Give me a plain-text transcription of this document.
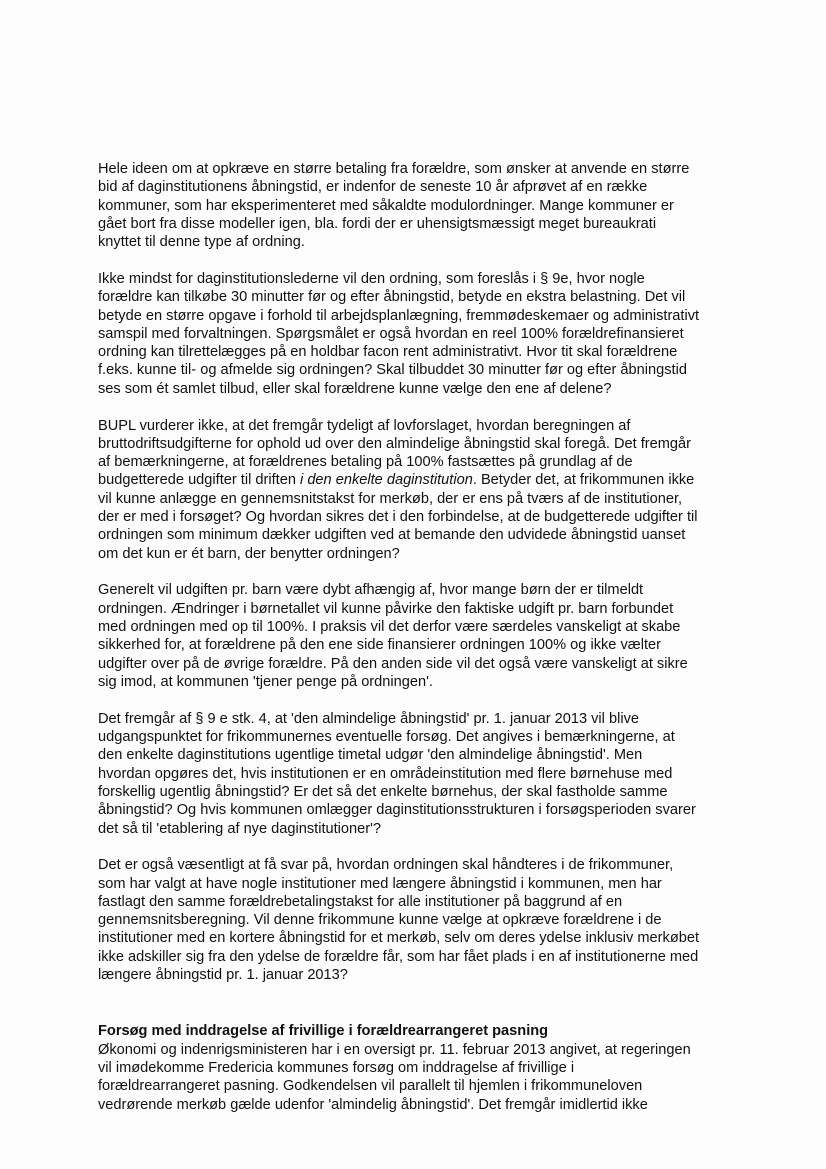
Hele ideen om at opkræve en større betaling fra forældre, som ønsker at anvende en større
bid af daginstitutionens åbningstid, er indenfor de seneste 10 år afprøvet af en række
kommuner, som har eksperimenteret med såkaldte modulordninger. Mange kommuner er
gået bort fra disse modeller igen, bla. fordi der er uhensigtsmæssigt meget bureaukrati
knyttet til denne type af ordning.

Ikke mindst for daginstitutionslederne vil den ordning, som foreslås i § 9e, hvor nogle
forældre kan tilkøbe 30 minutter før og efter åbningstid, betyde en ekstra belastning. Det vil
betyde en større opgave i forhold til arbejdsplanlægning, fremmødeskemaer og administrativt
samspil med forvaltningen. Spørgsmålet er også hvordan en reel 100% forældrefinansieret
ordning kan tilrettelægges på en holdbar facon rent administrativt. Hvor tit skal forældrene
f.eks. kunne til- og afmelde sig ordningen? Skal tilbuddet 30 minutter før og efter åbningstid
ses som ét samlet tilbud, eller skal forældrene kunne vælge den ene af delene?

BUPL vurderer ikke, at det fremgår tydeligt af lovforslaget, hvordan beregningen af
bruttodriftsudgifterne for ophold ud over den almindelige åbningstid skal foregå. Det fremgår
af bemærkningerne, at forældrenes betaling på 100% fastsættes på grundlag af de
budgetterede udgifter til driften i den enkelte daginstitution. Betyder det, at frikommunen ikke
vil kunne anlægge en gennemsnitstakst for merkøb, der er ens på tværs af de institutioner,
der er med i forsøget? Og hvordan sikres det i den forbindelse, at de budgetterede udgifter til
ordningen som minimum dækker udgiften ved at bemande den udvidede åbningstid uanset
om det kun er ét barn, der benytter ordningen?

Generelt vil udgiften pr. barn være dybt afhængig af, hvor mange børn der er tilmeldt
ordningen. Ændringer i børnetallet vil kunne påvirke den faktiske udgift pr. barn forbundet
med ordningen med op til 100%. I praksis vil det derfor være særdeles vanskeligt at skabe
sikkerhed for, at forældrene på den ene side finansierer ordningen 100% og ikke vælter
udgifter over på de øvrige forældre. På den anden side vil det også være vanskeligt at sikre
sig imod, at kommunen 'tjener penge på ordningen'.

Det fremgår af § 9 e stk. 4, at 'den almindelige åbningstid' pr. 1. januar 2013 vil blive
udgangspunktet for frikommunernes eventuelle forsøg. Det angives i bemærkningerne, at
den enkelte daginstitutions ugentlige timetal udgør 'den almindelige åbningstid'. Men
hvordan opgøres det, hvis institutionen er en områdeinstitution med flere børnehuse med
forskellig ugentlig åbningstid? Er det så det enkelte børnehus, der skal fastholde samme
åbningstid? Og hvis kommunen omlægger daginstitutionsstrukturen i forsøgsperioden svarer
det så til 'etablering af nye daginstitutioner'?

Det er også væsentligt at få svar på, hvordan ordningen skal håndteres i de frikommuner,
som har valgt at have nogle institutioner med længere åbningstid i kommunen, men har
fastlagt den samme forældrebetalingstakst for alle institutioner på baggrund af en
gennemsnitsberegning. Vil denne frikommune kunne vælge at opkræve forældrene i de
institutioner med en kortere åbningstid for et merkøb, selv om deres ydelse inklusiv merkøbet
ikke adskiller sig fra den ydelse de forældre får, som har fået plads i en af institutionerne med
længere åbningstid pr. 1. januar 2013?

Forsøg med inddragelse af frivillige i forældrearrangeret pasning
Økonomi og indenrigsministeren har i en oversigt pr. 11. februar 2013 angivet, at regeringen
vil imødekomme Fredericia kommunes forsøg om inddragelse af frivillige i
forældrearrangeret pasning. Godkendelsen vil parallelt til hjemlen i frikommuneloven
vedrørende merkøb gælde udenfor 'almindelig åbningstid'. Det fremgår imidlertid ikke
